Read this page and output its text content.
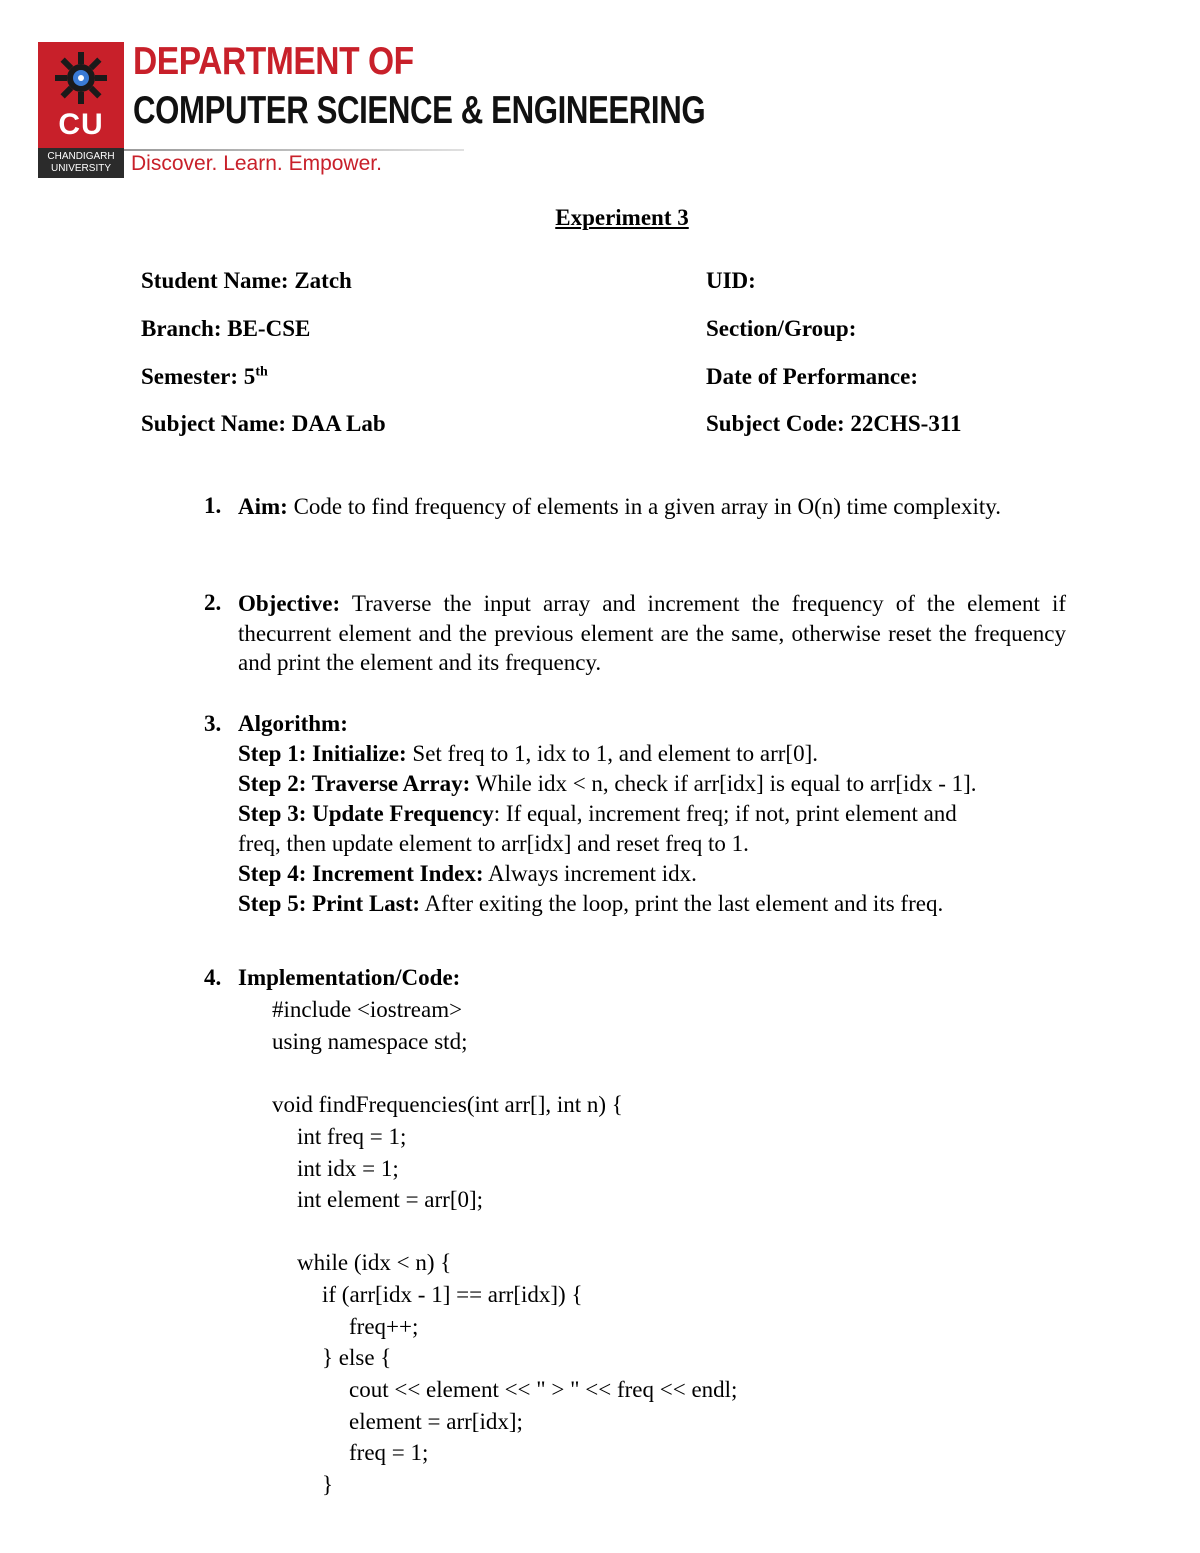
CU
CHANDIGARH UNIVERSITY
DEPARTMENT OF
COMPUTER SCIENCE & ENGINEERING
Discover. Learn. Empower.
Experiment 3
Student Name: Zatch	UID:
Branch: BE-CSE	Section/Group:
Semester: 5th	Date of Performance:
Subject Name: DAA Lab	Subject Code: 22CHS-311
1. Aim: Code to find frequency of elements in a given array in O(n) time complexity.
2. Objective: Traverse the input array and increment the frequency of the element if thecurrent element and the previous element are the same, otherwise reset the frequency and print the element and its frequency.
3. Algorithm:
Step 1: Initialize: Set freq to 1, idx to 1, and element to arr[0].
Step 2: Traverse Array: While idx < n, check if arr[idx] is equal to arr[idx - 1].
Step 3: Update Frequency: If equal, increment freq; if not, print element and
freq, then update element to arr[idx] and reset freq to 1.
Step 4: Increment Index: Always increment idx.
Step 5: Print Last: After exiting the loop, print the last element and its freq.
4. Implementation/Code:
#include <iostream>
using namespace std;
void findFrequencies(int arr[], int n) {
int freq = 1;
int idx = 1;
int element = arr[0];
while (idx < n) {
if (arr[idx - 1] == arr[idx]) {
freq++;
} else {
cout << element << " > " << freq << endl;
element = arr[idx];
freq = 1;
}
